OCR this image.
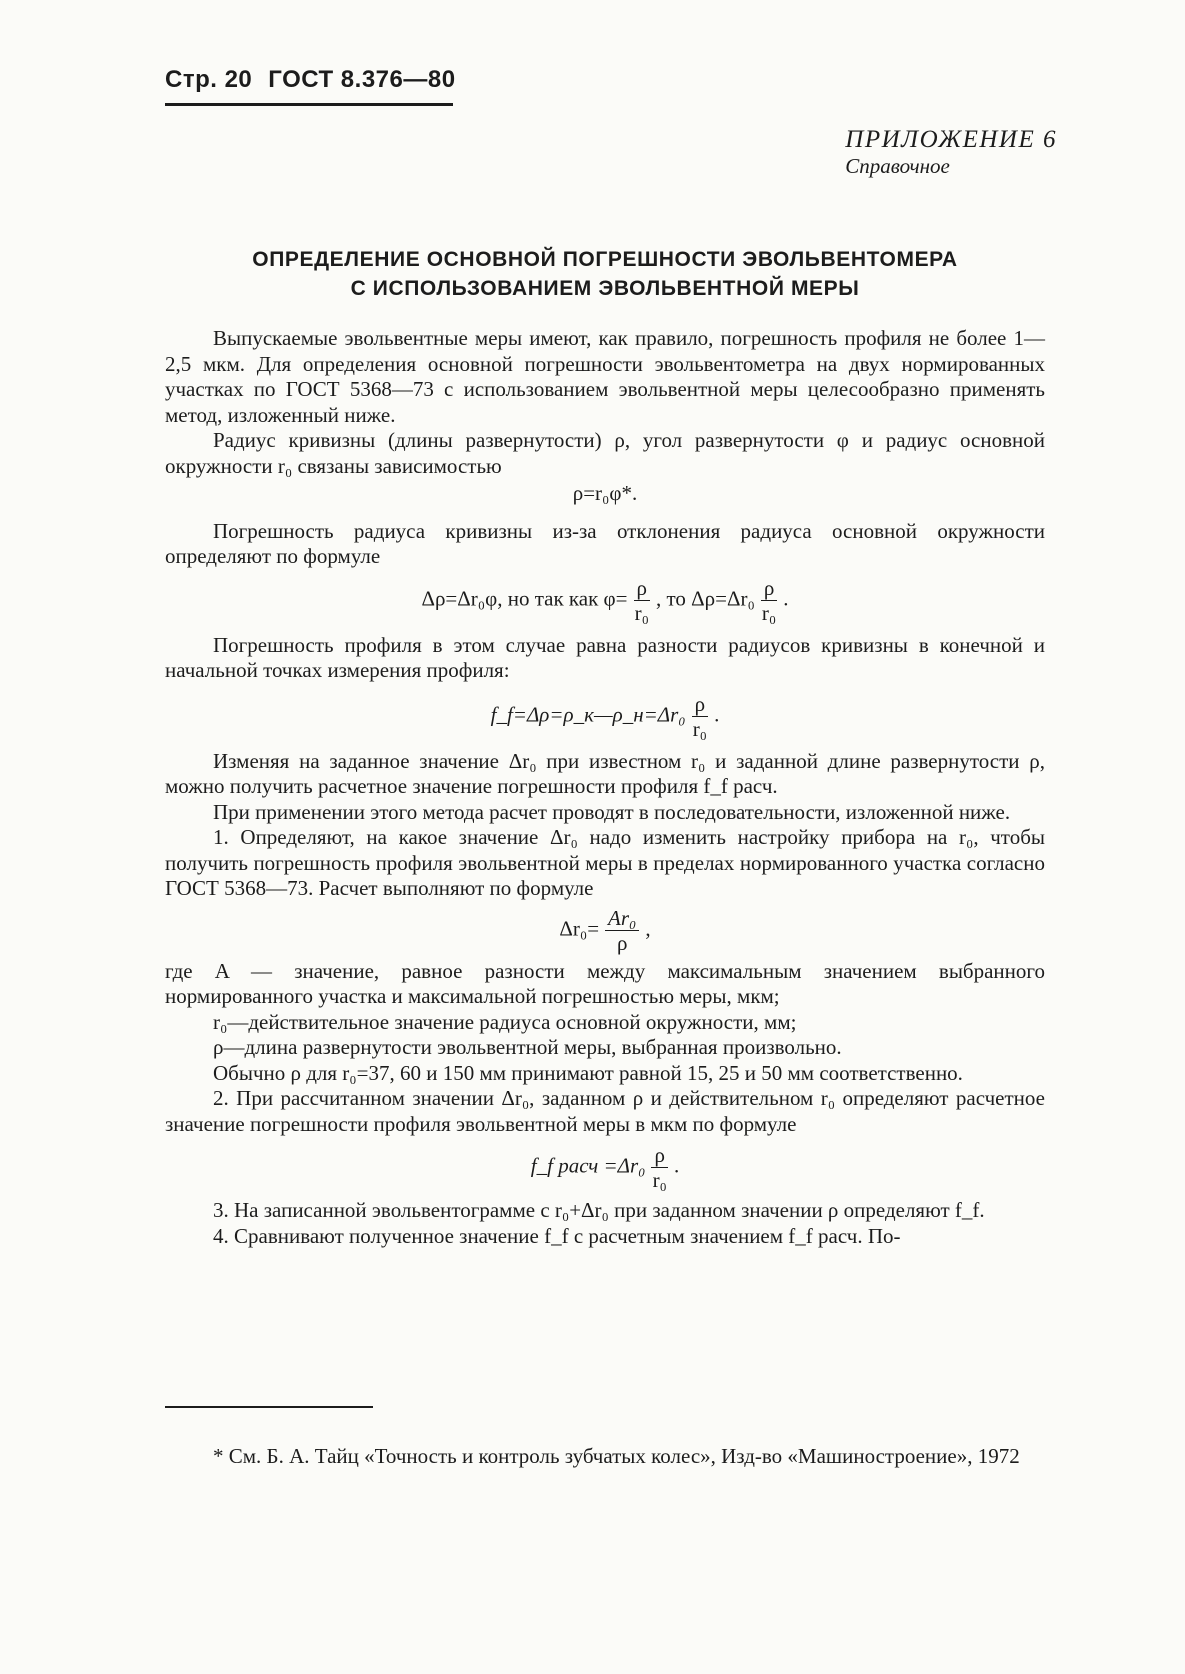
Стр. 20 ГОСТ 8.376—80
ПРИЛОЖЕНИЕ 6
Справочное
ОПРЕДЕЛЕНИЕ ОСНОВНОЙ ПОГРЕШНОСТИ ЭВОЛЬВЕНТОМЕРА
С ИСПОЛЬЗОВАНИЕМ ЭВОЛЬВЕНТНОЙ МЕРЫ

Выпускаемые эвольвентные меры имеют, как правило, погрешность профиля не более 1—2,5 мкм. Для определения основной погрешности эвольвентометра на двух нормированных участках по ГОСТ 5368—73 с использованием эвольвентной меры целесообразно применять метод, изложенный ниже.

Радиус кривизны (длины развернутости) ρ, угол развернутости φ и радиус основной окружности r₀ связаны зависимостью

ρ=r₀φ*.

Погрешность радиуса кривизны из-за отклонения радиуса основной окружности определяют по формуле

Δρ=Δr₀φ, но так как $\varphi= \frac{\rho}{\text{r₀}}$ , то $\Delta\rho=\Delta r_0 \frac{\rho}{\text{r₀}}$ .

Погрешность профиля в этом случае равна разности радиусов кривизны в конечной и начальной точках измерения профиля:

f_f=Δρ=ρ_к—ρ_н=Δr₀ $\frac{\rho}{\text{r₀}}$ .

Изменяя на заданное значение Δr₀ при известном r₀ и заданной длине развернутости ρ, можно получить расчетное значение погрешности профиля f_f расч.

При применении этого метода расчет проводят в последовательности, изложенной ниже.

1. Определяют, на какое значение Δr₀ надо изменить настройку прибора на r₀, чтобы получить погрешность профиля эвольвентной меры в пределах нормированного участка согласно ГОСТ 5368—73. Расчет выполняют по формуле

$\Delta r_0= \frac{\text{Ar₀}}{\rho}$ ,

где A — значение, равное разности между максимальным значением выбранного нормированного участка и максимальной погрешностью меры, мкм;

r₀—действительное значение радиуса основной окружности, мм;

ρ—длина развернутости эвольвентной меры, выбранная произвольно.

Обычно ρ для r₀=37, 60 и 150 мм принимают равной 15, 25 и 50 мм соответственно.

2. При рассчитанном значении Δr₀, заданном ρ и действительном r₀ определяют расчетное значение погрешности профиля эвольвентной меры в мкм по формуле

f_f расч $=\Delta r_0 \frac{\rho}{\text{r₀}}$ .

3. На записанной эвольвентограмме с r₀+Δr₀ при заданном значении ρ определяют f_f.

4. Сравнивают полученное значение f_f с расчетным значением f_f расч. По-

* См. Б. А. Тайц «Точность и контроль зубчатых колес», Изд-во «Машиностроение», 1972
